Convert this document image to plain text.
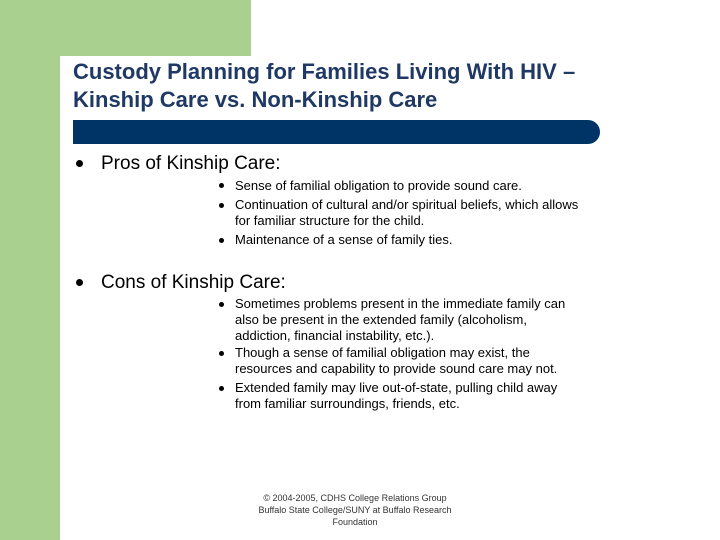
Custody Planning for Families Living With HIV –
Kinship Care vs. Non-Kinship Care
Pros of Kinship Care:
Sense of familial obligation to provide sound care.
Continuation of cultural and/or spiritual beliefs, which allows
for familiar structure for the child.
Maintenance of a sense of family ties.
Cons of Kinship Care:
Sometimes problems present in the immediate family can
also be present in the extended family (alcoholism,
addiction, financial instability, etc.).
Though a sense of familial obligation may exist, the
resources and capability to provide sound care may not.
Extended family may live out-of-state, pulling child away
from familiar surroundings, friends, etc.
© 2004-2005, CDHS College Relations Group
Buffalo State College/SUNY at Buffalo Research
Foundation
